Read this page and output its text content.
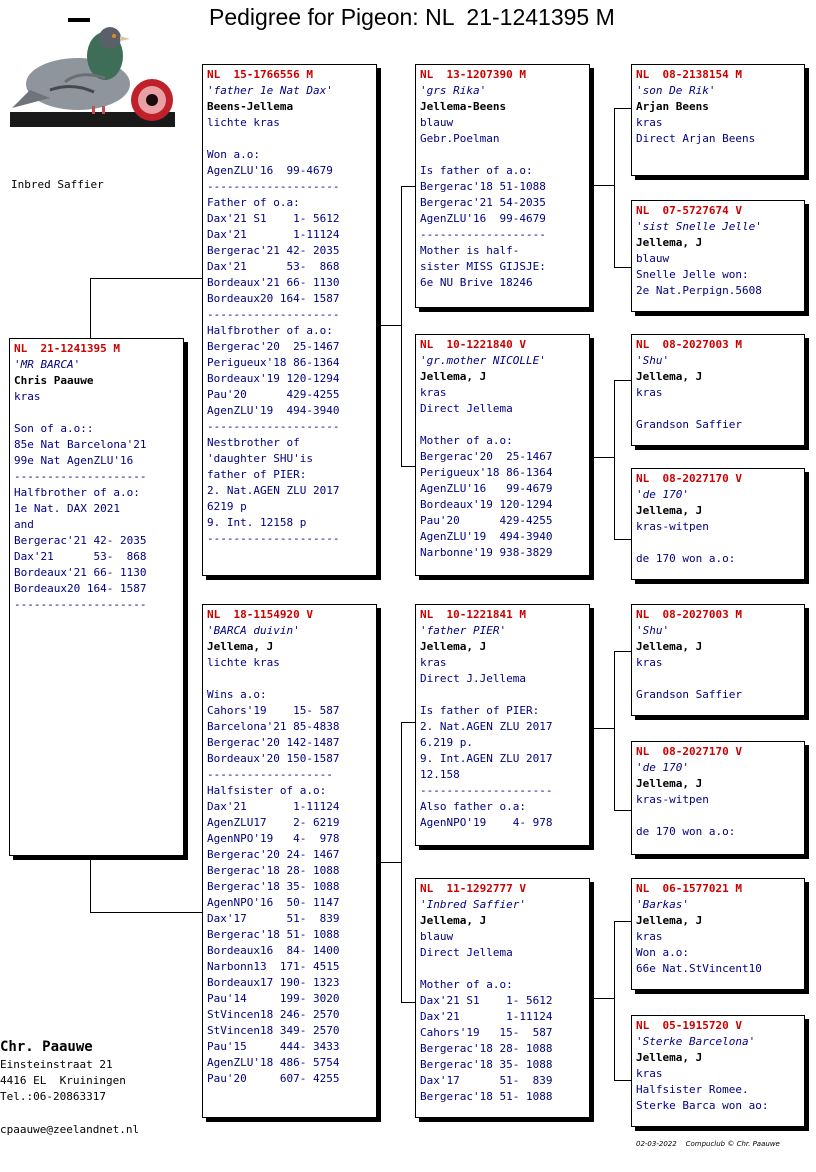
Pedigree for Pigeon: NL  21-1241395 M
Inbred Saffier
NL  21-1241395 M
'MR BARCA'
Chris Paauwe
kras
Son of a.o::
85e Nat Barcelona'21
99e Nat AgenZLU'16
--------------------
Halfbrother of a.o:
1e Nat. DAX 2021
and
Bergerac'21 42- 2035
Dax'21      53-  868
Bordeaux'21 66- 1130
Bordeaux20 164- 1587
--------------------
NL  15-1766556 M
'father 1e Nat Dax'
Beens-Jellema
lichte kras
Won a.o:
AgenZLU'16  99-4679
--------------------
Father of o.a:
Dax'21 S1    1- 5612
Dax'21       1-11124
Bergerac'21 42- 2035
Dax'21      53-  868
Bordeaux'21 66- 1130
Bordeaux20 164- 1587
--------------------
Halfbrother of a.o:
Bergerac'20  25-1467
Perigueux'18 86-1364
Bordeaux'19 120-1294
Pau'20      429-4255
AgenZLU'19  494-3940
--------------------
Nestbrother of
'daughter SHU'is
father of PIER:
2. Nat.AGEN ZLU 2017
6219 p
9. Int. 12158 p
--------------------
NL  18-1154920 V
'BARCA duivin'
Jellema, J
lichte kras
Wins a.o:
Cahors'19    15- 587
Barcelona'21 85-4838
Bergerac'20 142-1487
Bordeaux'20 150-1587
-------------------
Halfsister of a.o:
Dax'21       1-11124
AgenZLU17    2- 6219
AgenNPO'19   4-  978
Bergerac'20 24- 1467
Bergerac'18 28- 1088
Bergerac'18 35- 1088
AgenNPO'16  50- 1147
Dax'17      51-  839
Bergerac'18 51- 1088
Bordeaux16  84- 1400
Narbonn13  171- 4515
Bordeaux17 190- 1323
Pau'14     199- 3020
StVincen18 246- 2570
StVincen18 349- 2570
Pau'15     444- 3433
AgenZLU'18 486- 5754
Pau'20     607- 4255
NL  13-1207390 M
'grs Rika'
Jellema-Beens
blauw
Gebr.Poelman
Is father of a.o:
Bergerac'18 51-1088
Bergerac'21 54-2035
AgenZLU'16  99-4679
-------------------
Mother is half-
sister MISS GIJSJE:
6e NU Brive 18246
NL  10-1221840 V
'gr.mother NICOLLE'
Jellema, J
kras
Direct Jellema
Mother of a.o:
Bergerac'20  25-1467
Perigueux'18 86-1364
AgenZLU'16   99-4679
Bordeaux'19 120-1294
Pau'20      429-4255
AgenZLU'19  494-3940
Narbonne'19 938-3829
NL  10-1221841 M
'father PIER'
Jellema, J
kras
Direct J.Jellema
Is father of PIER:
2. Nat.AGEN ZLU 2017
6.219 p.
9. Int.AGEN ZLU 2017
12.158
--------------------
Also father o.a:
AgenNPO'19    4- 978
NL  11-1292777 V
'Inbred Saffier'
Jellema, J
blauw
Direct Jellema
Mother of a.o:
Dax'21 S1    1- 5612
Dax'21       1-11124
Cahors'19   15-  587
Bergerac'18 28- 1088
Bergerac'18 35- 1088
Dax'17      51-  839
Bergerac'18 51- 1088
NL  08-2138154 M
'son De Rik'
Arjan Beens
kras
Direct Arjan Beens
NL  07-5727674 V
'sist Snelle Jelle'
Jellema, J
blauw
Snelle Jelle won:
2e Nat.Perpign.5608
NL  08-2027003 M
'Shu'
Jellema, J
kras
Grandson Saffier
NL  08-2027170 V
'de 170'
Jellema, J
kras-witpen
de 170 won a.o:
NL  08-2027003 M
'Shu'
Jellema, J
kras
Grandson Saffier
NL  08-2027170 V
'de 170'
Jellema, J
kras-witpen
de 170 won a.o:
NL  06-1577021 M
'Barkas'
Jellema, J
kras
Won a.o:
66e Nat.StVincent10
NL  05-1915720 V
'Sterke Barcelona'
Jellema, J
kras
Halfsister Romee.
Sterke Barca won ao:
Chr. Paauwe
Einsteinstraat 21
4416 EL  Kruiningen
Tel.:06-20863317
cpaauwe@zeelandnet.nl
02-03-2022    Compuclub © Chr. Paauwe
